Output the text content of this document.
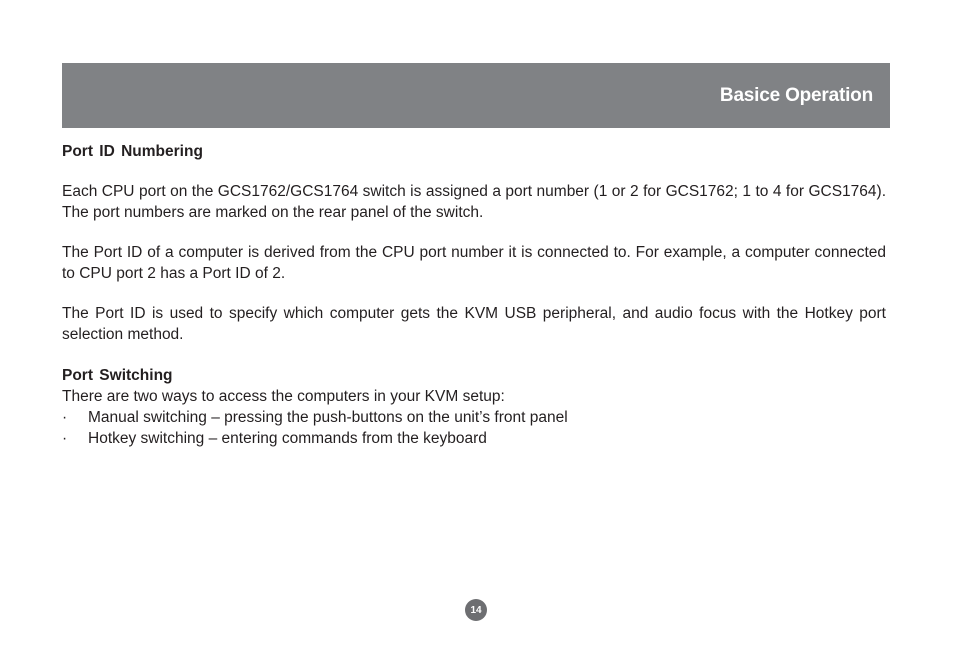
Basice Operation
Port ID Numbering

Each CPU port on the GCS1762/GCS1764 switch is assigned a port number (1 or 2 for GCS1762; 1 to 4 for GCS1764). The port numbers are marked on the rear panel of the switch.

The Port ID of a computer is derived from the CPU port number it is connected to. For example, a computer connected to CPU port 2 has a Port ID of 2.

The Port ID is used to specify which computer gets the KVM USB peripheral, and audio focus with the Hotkey port selection method.

Port Switching

There are two ways to access the computers in your KVM setup:

· Manual switching – pressing the push-buttons on the unit’s front panel
· Hotkey switching – entering commands from the keyboard
14
